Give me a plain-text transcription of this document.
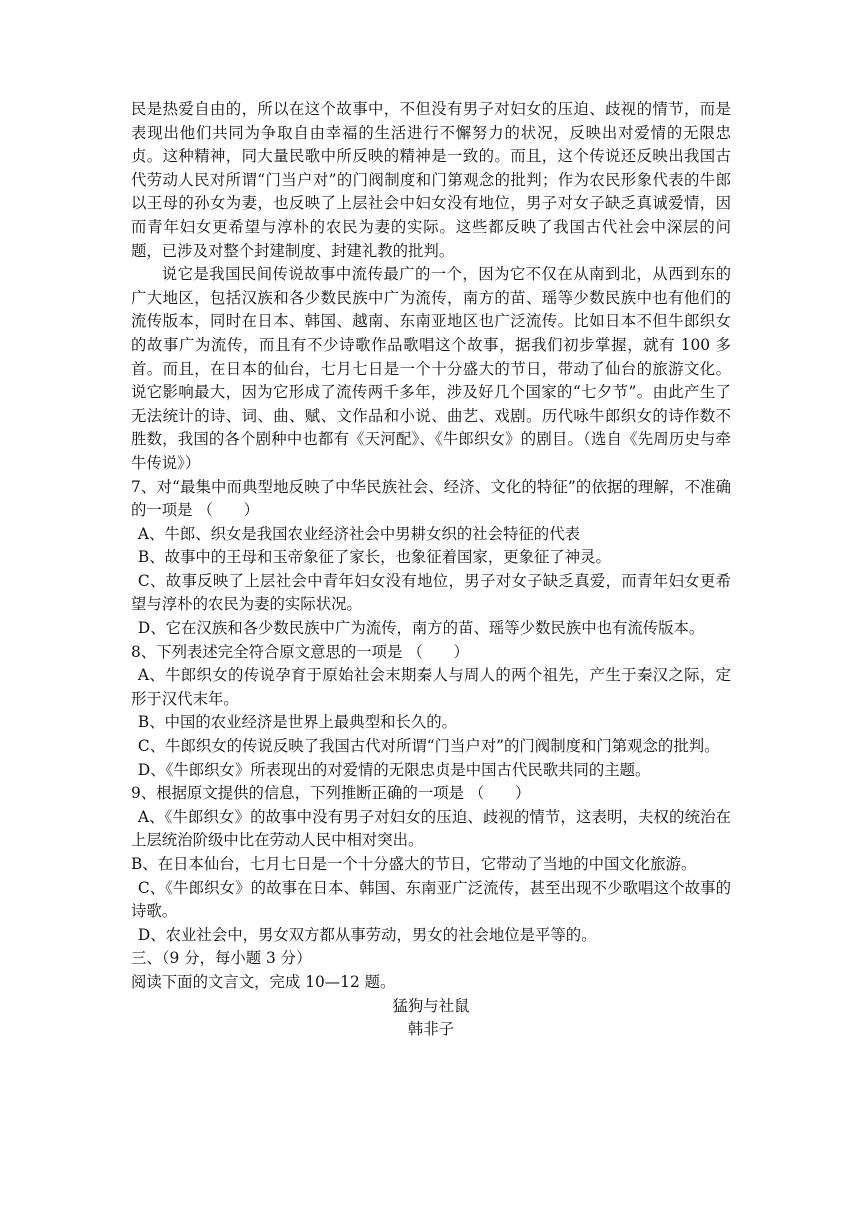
民是热爱自由的，所以在这个故事中，不但没有男子对妇女的压迫、歧视的情节，而是表现出他们共同为争取自由幸福的生活进行不懈努力的状况，反映出对爱情的无限忠贞。这种精神，同大量民歌中所反映的精神是一致的。而且，这个传说还反映出我国古代劳动人民对所谓“门当户对”的门阀制度和门第观念的批判；作为农民形象代表的牛郎以王母的孙女为妻，也反映了上层社会中妇女没有地位，男子对女子缺乏真诚爱情，因而青年妇女更希望与淳朴的农民为妻的实际。这些都反映了我国古代社会中深层的问题，已涉及对整个封建制度、封建礼教的批判。

说它是我国民间传说故事中流传最广的一个，因为它不仅在从南到北，从西到东的广大地区，包括汉族和各少数民族中广为流传，南方的苗、瑶等少数民族中也有他们的流传版本，同时在日本、韩国、越南、东南亚地区也广泛流传。比如日本不但牛郎织女的故事广为流传，而且有不少诗歌作品歌唱这个故事，据我们初步掌握，就有 100 多首。而且，在日本的仙台，七月七日是一个十分盛大的节日，带动了仙台的旅游文化。说它影响最大，因为它形成了流传两千多年，涉及好几个国家的“七夕节”。由此产生了无法统计的诗、词、曲、赋、文作品和小说、曲艺、戏剧。历代咏牛郎织女的诗作数不胜数，我国的各个剧种中也都有《天河配》、《牛郎织女》的剧目。（选自《先周历史与牵牛传说》）

7、对“最集中而典型地反映了中华民族社会、经济、文化的特征”的依据的理解，不准确的一项是 （　　）

A、牛郎、织女是我国农业经济社会中男耕女织的社会特征的代表

B、故事中的王母和玉帝象征了家长，也象征着国家，更象征了神灵。

C、故事反映了上层社会中青年妇女没有地位，男子对女子缺乏真爱，而青年妇女更希望与淳朴的农民为妻的实际状况。

D、它在汉族和各少数民族中广为流传，南方的苗、瑶等少数民族中也有流传版本。

8、下列表述完全符合原文意思的一项是 （　　）

A、牛郎织女的传说孕育于原始社会末期秦人与周人的两个祖先，产生于秦汉之际，定形于汉代末年。

B、中国的农业经济是世界上最典型和长久的。

C、牛郎织女的传说反映了我国古代对所谓“门当户对”的门阀制度和门第观念的批判。

D、《牛郎织女》所表现出的对爱情的无限忠贞是中国古代民歌共同的主题。

9、根据原文提供的信息，下列推断正确的一项是 （　　）

A、《牛郎织女》的故事中没有男子对妇女的压迫、歧视的情节，这表明，夫权的统治在上层统治阶级中比在劳动人民中相对突出。

B、在日本仙台，七月七日是一个十分盛大的节日，它带动了当地的中国文化旅游。

C、《牛郎织女》的故事在日本、韩国、东南亚广泛流传，甚至出现不少歌唱这个故事的诗歌。

D、农业社会中，男女双方都从事劳动，男女的社会地位是平等的。

三、（9 分，每小题 3 分）

阅读下面的文言文，完成 10—12 题。

猛狗与社鼠

韩非子
